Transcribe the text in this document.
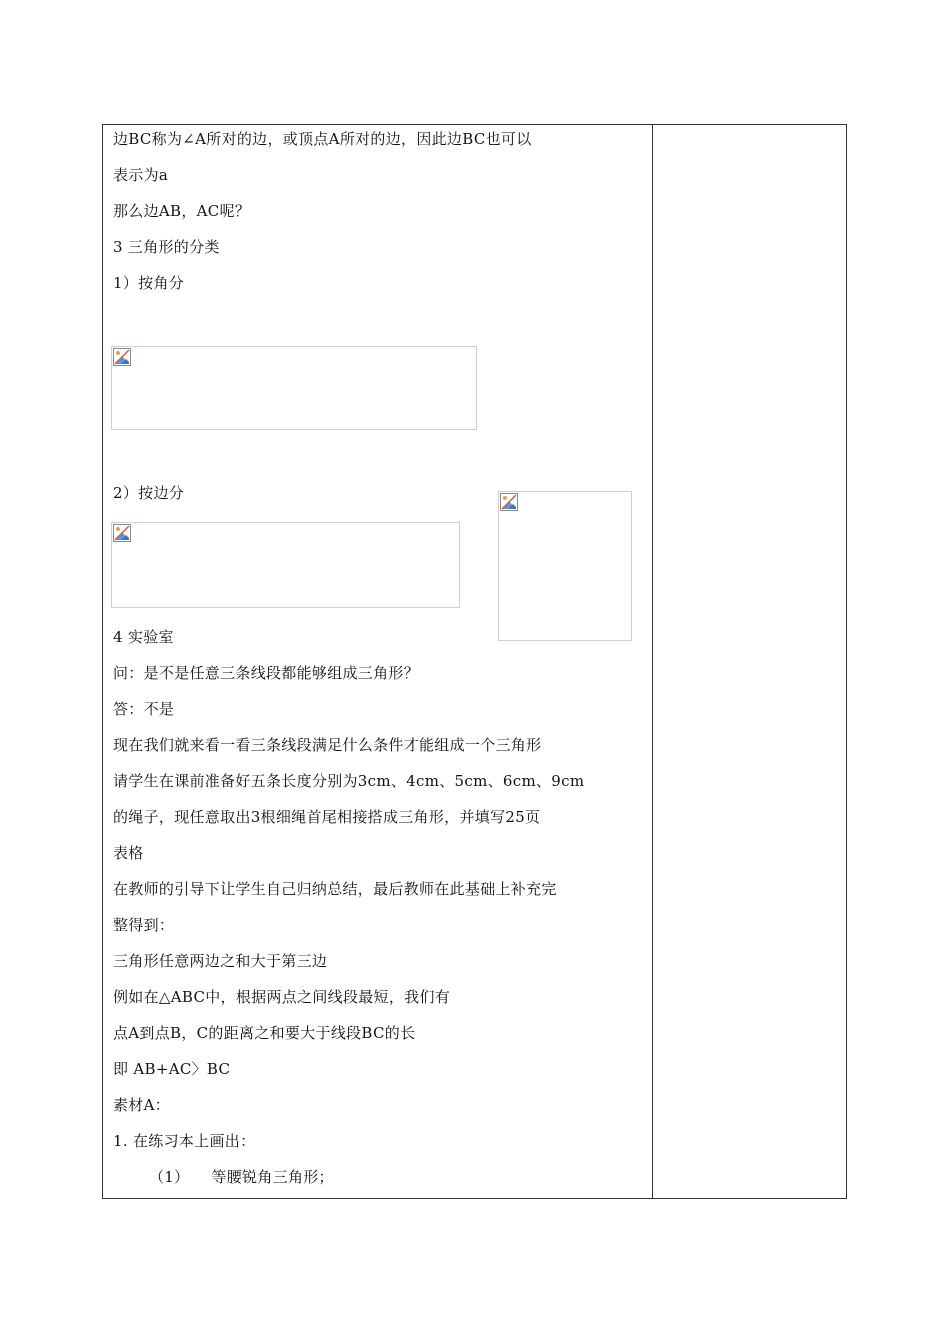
边BC称为∠A所对的边，或顶点A所对的边，因此边BC也可以
表示为a
那么边AB，AC呢？
3 三角形的分类
1）按角分
2）按边分
4 实验室
问：是不是任意三条线段都能够组成三角形？
答：不是
现在我们就来看一看三条线段满足什么条件才能组成一个三角形
请学生在课前准备好五条长度分别为3cm、4cm、5cm、6cm、9cm
的绳子，现任意取出3根细绳首尾相接搭成三角形，并填写25页
表格
在教师的引导下让学生自己归纳总结，最后教师在此基础上补充完
整得到：
三角形任意两边之和大于第三边
例如在△ABC中，根据两点之间线段最短，我们有
点A到点B，C的距离之和要大于线段BC的长
即 AB+AC〉BC
素材A：
1. 在练习本上画出：
（1） 等腰锐角三角形；
